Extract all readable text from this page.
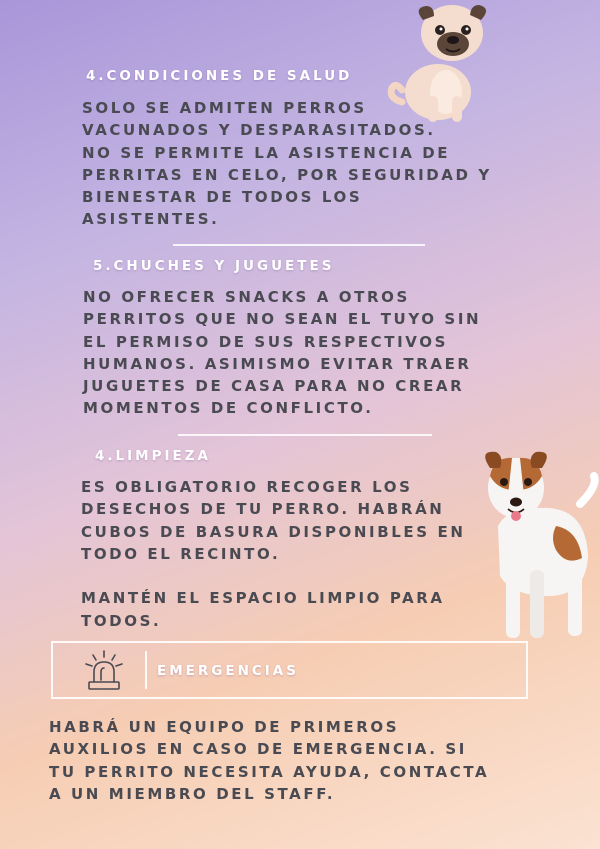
4.CONDICIONES DE SALUD
SOLO SE ADMITEN PERROS
VACUNADOS Y DESPARASITADOS.
NO SE PERMITE LA ASISTENCIA DE
PERRITAS EN CELO, POR SEGURIDAD Y
BIENESTAR DE TODOS LOS
ASISTENTES.
5.CHUCHES Y JUGUETES
NO OFRECER SNACKS A OTROS
PERRITOS QUE NO SEAN EL TUYO SIN
EL PERMISO DE SUS RESPECTIVOS
HUMANOS. ASIMISMO EVITAR TRAER
JUGUETES DE CASA PARA NO CREAR
MOMENTOS DE CONFLICTO.
4.LIMPIEZA
ES OBLIGATORIO RECOGER LOS
DESECHOS DE TU PERRO. HABRÁN
CUBOS DE BASURA DISPONIBLES EN
TODO EL RECINTO.

MANTÉN EL ESPACIO LIMPIO PARA
TODOS.
EMERGENCIAS
HABRÁ UN EQUIPO DE PRIMEROS
AUXILIOS EN CASO DE EMERGENCIA. SI
TU PERRITO NECESITA AYUDA, CONTACTA
A UN MIEMBRO DEL STAFF.
